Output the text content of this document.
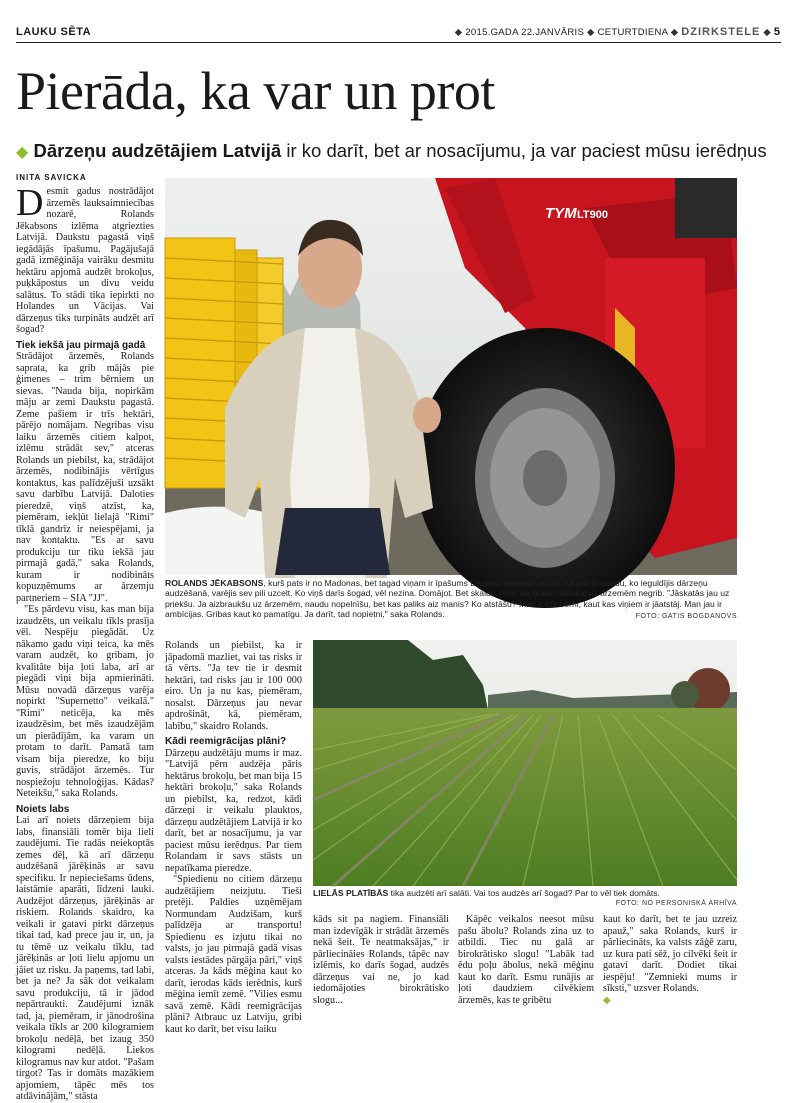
LAUKU SĒTA	◆ 2015.GADA 22.JANVĀRIS ◆ CETURTDIENA ◆ DZIRKSTELE ◆ 5
Pierāda, ka var un prot
◆ Dārzeņu audzētājiem Latvijā ir ko darīt, bet ar nosacījumu, ja var paciest mūsu ierēdņus
INITA SAVICKA

Desmit gadus nostrādājot ārzemēs lauksaimniecības nozarē, Rolands Jēkabsons izlēma atgriezties Latvijā. Daukstu pagastā viņš iegādājās īpašumu. Pagājušajā gadā izmēģināja vairāku desmitu hektāru apjomā audzēt brokoļus, puķkāpostus un divu veidu salātus. To stādi tika iepirkti no Holandes un Vācijas. Vai dārzeņus tiks turpināts audzēt arī šogad?

Tiek iekšā jau pirmajā gadā

Strādājot ārzemēs, Rolands saprata, ka grib mājās pie ģimenes – trim bērniem un sievas. "Nauda bija, nopirkām māju ar zemi Daukstu pagastā. Zeme pašiem ir trīs hektāri, pārējo nomājam. Negribas visu laiku ārzemēs citiem kalpot, izlēmu strādāt sev," atceras Rolands un piebilst, ka, strādājot ārzemēs, nodibinājis vērtīgus kontaktus, kas palīdzējuši uzsākt savu darbību Latvijā. Daloties pieredzē, viņš atzīst, ka, piemēram, iekļūt lielajā "Rimi" tīklā gandrīz ir neiespējami, ja nav kontaktu. "Es ar savu produkciju tur tiku iekšā jau pirmajā gadā," saka Rolands, kuram ir nodibināts kopuzņēmums ar ārzemju partneriem – SIA "JJ".

"Es pārdevu visu, kas man bija izaudzēts, un veikalu tīkls prasīja vēl. Nespēju piegādāt. Uz nākamo gadu viņi teica, ka mēs varam audzēt, ko gribam, jo kvalitāte bija ļoti laba, arī ar piegādi viņi bija apmierināti. Mūsu novadā dārzeņus varēja nopirkt "Supernetto" veikalā." "Rimi" neticēja, ka mēs izaudzēsim, bet mēs izaudzējām un pierādījām, ka varam un protam to darīt. Pamatā tam visam bija pieredze, ko biju guvis, strādājot ārzemēs. Tur nospiežoju tehnoloģijas. Kādas? Neteikšu," saka Rolands.

Noiets labs

Lai arī noiets dārzeņiem bija labs, finansiāli tomēr bija lieli zaudējumi. Tie radās neiekoptās zemes dēļ, kā arī dārzeņu audzēšanā jārēķinās ar savu specifiku. Ir nepieciešams ūdens, laistāmie aparāti, līdzeni lauki. Audzējot dārzeņus, jārēķinās ar riskiem. Rolands skaidro, ka veikali ir gatavi pirkt dārzeņus tikai tad, kad prece jau ir, un, ja tu tēmē uz veikalu tīklu, tad jārēķinās ar ļoti lielu apjomu un jāiet uz risku. Ja paņems, tad labi, bet ja ne? Ja sāk dot veikalam savu produkciju, tā ir jādod nepārtraukti. Zaudējumi iznāk tad, ja, piemēram, ir jānodrošina veikala tīkls ar 200 kilogramiem brokoļu nedēļā, bet izaug 350 kilogrami nedēļā. Liekos kilogramus nav kur atdot. "Pašam tirgot? Tas ir domāts mazākiem apjomiem, tāpēc mēs tos atdāvinājām," stāsta

TYM LT900
ROLANDS JĒKABSONS, kurš pats ir no Madonas, bet tagad viņam ir īpašums Daukstu pagastā, atzīst, ka par to naudu, ko ieguldījis dārzeņu audzēšanā, varējis sev pili uzcelt. Ko viņš darīs šogad, vēl nezina. Domājot. Bet skaidri zinot, ka braukt atpakaļ uz ārzemēm negrib. "Jāskatās jau uz priekšu. Ja aizbraukšu uz ārzemēm, naudu nopelnīšu, bet kas paliks aiz manis? Ko atstāšu? Man ir trīs bērni, kaut kas viņiem ir jāatstāj. Man jau ir ambīcijas. Gribas kaut ko pamatīgu. Ja darīt, tad nopietni," saka Rolands.	FOTO: GATIS BOGDANOVS

Rolands un piebilst, ka ir jāpadomā mazliet, vai tas risks ir tā vērts. "Ja tev tie ir desmit hektāri, tad risks jau ir 100 000 eiro. Un ja nu kas, piemēram, nosalst. Dārzeņus jau nevar apdrošināt, kā, piemēram, labību," skaidro Rolands.

Kādi reemigrācijas plāni?

Dārzeņu audzētāju mums ir maz. "Latvijā pērn audzēja pāris hektārus brokoļu, bet man bija 15 hektāri brokoļu," saka Rolands un piebilst, ka, redzot, kādi dārzeņi ir veikalu plauktos, dārzeņu audzētājiem Latvijā ir ko darīt, bet ar nosacījumu, ja var paciest mūsu ierēdņus. Par tiem Rolandam ir savs stāsts un nepatīkama pieredze.

"Spiedienu no citiem dārzeņu audzētājiem neizjutu. Tieši pretēji. Paldies uzņēmējam Normundam Audzišam, kurš palīdzēja ar transportu! Spiedienu es izjutu tikai no valsts, jo jau pirmajā gadā visas valsts iestādes pārgāja pāri," viņš atceras. Ja kāds mēģina kaut ko darīt, ierodas kāds ierēdnis, kurš mēģina iemīt zemē. "Vilies esmu savā zemē. Kādi reemigrācijas plāni? Atbrauc uz Latviju, gribi kaut ko darīt, bet visu laiku

LIELĀS PLATĪBĀS tika audzēti arī salāti. Vai tos audzēs arī šogad? Par to vēl tiek domāts.
FOTO: NO PERSONISKĀ ARHĪVA

kāds sit pa nagiem. Finansiāli man izdevīgāk ir strādāt ārzemēs nekā šeit. Te neatmaksājas," ir pārliecināies Rolands, tāpēc nav izlēmis, ko darīs šogad, audzēs dārzeņus vai ne, jo kad iedomājoties birokrātisko slogu...

Kāpēc veikalos neesot mūsu pašu ābolu? Rolands zina uz to atbildi. Tiec nu galā ar birokrātisko slogu! "Labāk tad ēdu poļu ābolus, nekā mēģinu kaut ko darīt. Esmu runājis ar ļoti daudziem cilvēkiem ārzemēs, kas te gribētu

kaut ko darīt, bet te jau uzreiz apauž," saka Rolands, kurš ir pārliecināts, ka valsts zāģē zaru, uz kura pati sēž, jo cilvēki šeit ir gatavi darīt. Dodiet tikai iespēju! "Zemnieki mums ir sīksti," uzsver Rolands.

◆
